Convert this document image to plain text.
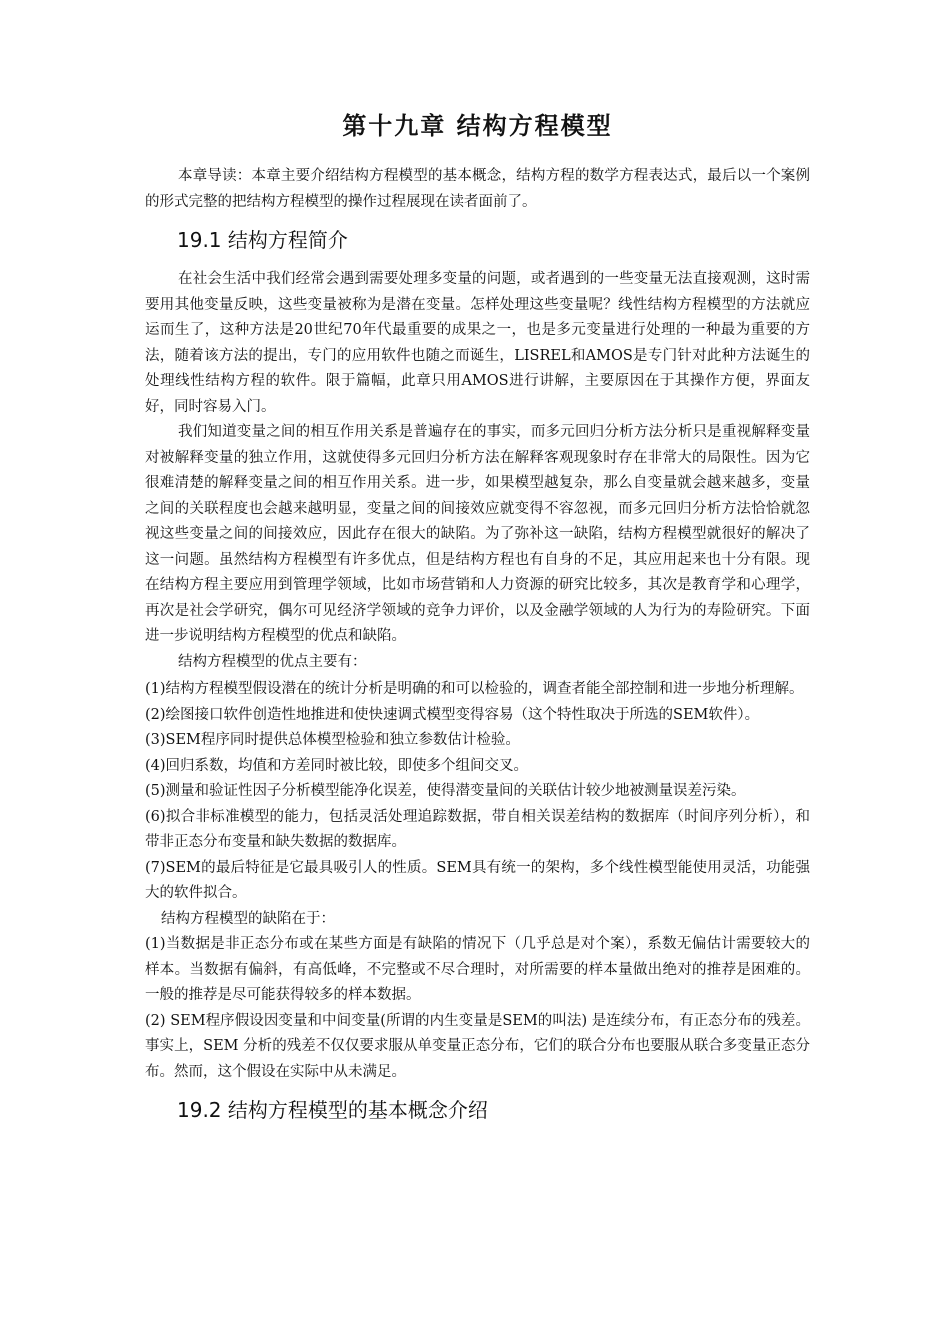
第十九章 结构方程模型

本章导读：本章主要介绍结构方程模型的基本概念，结构方程的数学方程表达式，最后以一个案例的形式完整的把结构方程模型的操作过程展现在读者面前了。

19.1 结构方程简介

在社会生活中我们经常会遇到需要处理多变量的问题，或者遇到的一些变量无法直接观测，这时需要用其他变量反映，这些变量被称为是潜在变量。怎样处理这些变量呢？线性结构方程模型的方法就应运而生了，这种方法是20世纪70年代最重要的成果之一，也是多元变量进行处理的一种最为重要的方法，随着该方法的提出，专门的应用软件也随之而诞生，LISREL和AMOS是专门针对此种方法诞生的处理线性结构方程的软件。限于篇幅，此章只用AMOS进行讲解，主要原因在于其操作方便，界面友好，同时容易入门。

我们知道变量之间的相互作用关系是普遍存在的事实，而多元回归分析方法分析只是重视解释变量对被解释变量的独立作用，这就使得多元回归分析方法在解释客观现象时存在非常大的局限性。因为它很难清楚的解释变量之间的相互作用关系。进一步，如果模型越复杂，那么自变量就会越来越多，变量之间的关联程度也会越来越明显，变量之间的间接效应就变得不容忽视，而多元回归分析方法恰恰就忽视这些变量之间的间接效应，因此存在很大的缺陷。为了弥补这一缺陷，结构方程模型就很好的解决了这一问题。虽然结构方程模型有许多优点，但是结构方程也有自身的不足，其应用起来也十分有限。现在结构方程主要应用到管理学领域，比如市场营销和人力资源的研究比较多，其次是教育学和心理学，再次是社会学研究，偶尔可见经济学领域的竞争力评价，以及金融学领域的人为行为的寿险研究。下面进一步说明结构方程模型的优点和缺陷。

结构方程模型的优点主要有：

(1)结构方程模型假设潜在的统计分析是明确的和可以检验的，调查者能全部控制和进一步地分析理解。

(2)绘图接口软件创造性地推进和使快速调式模型变得容易（这个特性取决于所选的SEM软件）。

(3)SEM程序同时提供总体模型检验和独立参数估计检验。

(4)回归系数，均值和方差同时被比较，即使多个组间交叉。

(5)测量和验证性因子分析模型能净化误差，使得潜变量间的关联估计较少地被测量误差污染。

(6)拟合非标准模型的能力，包括灵活处理追踪数据，带自相关误差结构的数据库（时间序列分析），和带非正态分布变量和缺失数据的数据库。

(7)SEM的最后特征是它最具吸引人的性质。SEM具有统一的架构，多个线性模型能使用灵活，功能强大的软件拟合。

结构方程模型的缺陷在于：

(1)当数据是非正态分布或在某些方面是有缺陷的情况下（几乎总是对个案），系数无偏估计需要较大的样本。当数据有偏斜，有高低峰，不完整或不尽合理时，对所需要的样本量做出绝对的推荐是困难的。一般的推荐是尽可能获得较多的样本数据。

(2) SEM程序假设因变量和中间变量(所谓的内生变量是SEM的叫法) 是连续分布，有正态分布的残差。事实上，SEM 分析的残差不仅仅要求服从单变量正态分布，它们的联合分布也要服从联合多变量正态分布。然而，这个假设在实际中从未满足。

19.2 结构方程模型的基本概念介绍
